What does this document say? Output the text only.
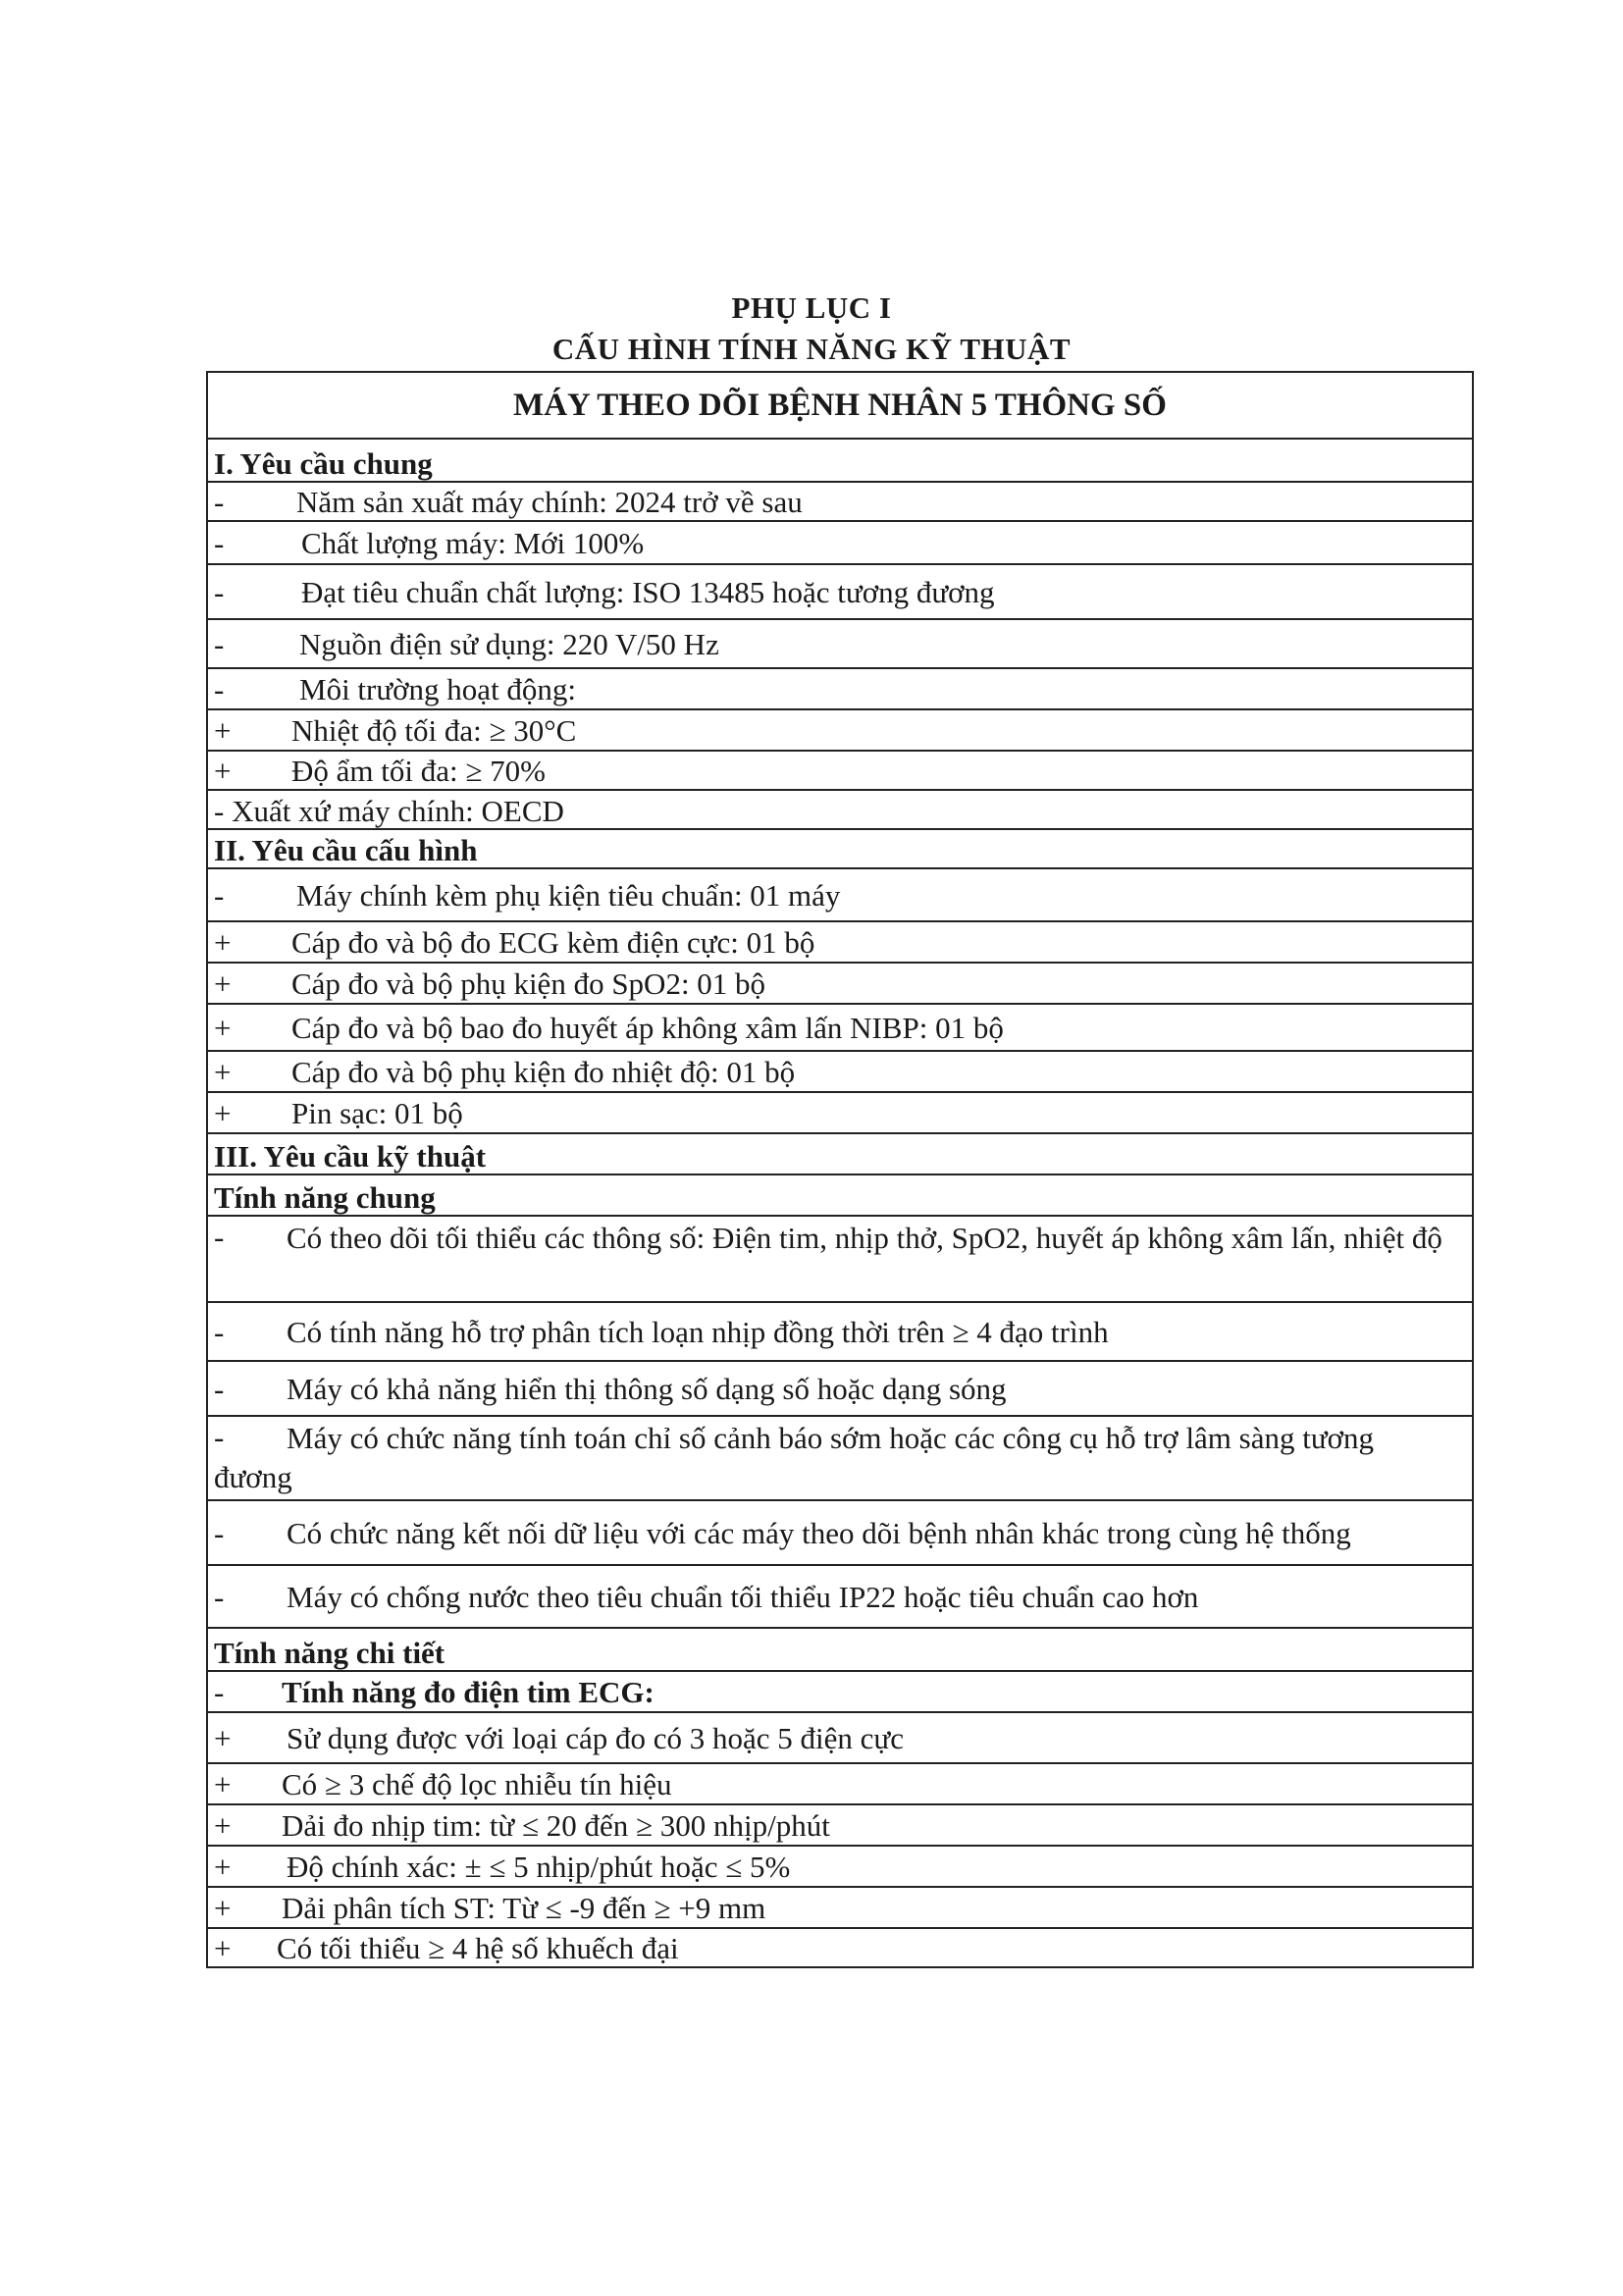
PHỤ LỤC I
CẤU HÌNH TÍNH NĂNG KỸ THUẬT
MÁY THEO DÕI BỆNH NHÂN 5 THÔNG SỐ
I. Yêu cầu chung
- Năm sản xuất máy chính: 2024 trở về sau
-	Chất lượng máy: Mới 100%
-	Đạt tiêu chuẩn chất lượng: ISO 13485 hoặc tương đương
- Nguồn điện sử dụng: 220 V/50 Hz
- Môi trường hoạt động:
+ Nhiệt độ tối đa: ≥ 30°C
+ Độ ẩm tối đa: ≥ 70%
- Xuất xứ máy chính: OECD
II. Yêu cầu cấu hình
- Máy chính kèm phụ kiện tiêu chuẩn: 01 máy
+ Cáp đo và bộ đo ECG kèm điện cực: 01 bộ
+ Cáp đo và bộ phụ kiện đo SpO2: 01 bộ
+ Cáp đo và bộ bao đo huyết áp không xâm lấn NIBP: 01 bộ
+ Cáp đo và bộ phụ kiện đo nhiệt độ: 01 bộ
+ Pin sạc: 01 bộ
III. Yêu cầu kỹ thuật
Tính năng chung
-	Có theo dõi tối thiểu các thông số: Điện tim, nhịp thở, SpO2, huyết áp không xâm lấn, nhiệt độ
- Có tính năng hỗ trợ phân tích loạn nhịp đồng thời trên ≥ 4 đạo trình
- Máy có khả năng hiển thị thông số dạng số hoặc dạng sóng
-	Máy có chức năng tính toán chỉ số cảnh báo sớm hoặc các công cụ hỗ trợ lâm sàng tương đương
- Có chức năng kết nối dữ liệu với các máy theo dõi bệnh nhân khác trong cùng hệ thống
- Máy có chống nước theo tiêu chuẩn tối thiểu IP22 hoặc tiêu chuẩn cao hơn
Tính năng chi tiết
- Tính năng đo điện tim ECG:
+ Sử dụng được với loại cáp đo có 3 hoặc 5 điện cực
+ Có ≥ 3 chế độ lọc nhiễu tín hiệu
+ Dải đo nhịp tim: từ ≤ 20 đến ≥ 300 nhịp/phút
+ Độ chính xác: ± ≤ 5 nhịp/phút hoặc ≤ 5%
+ Dải phân tích ST: Từ ≤ -9 đến ≥ +9 mm
+ Có tối thiểu ≥ 4 hệ số khuếch đại
